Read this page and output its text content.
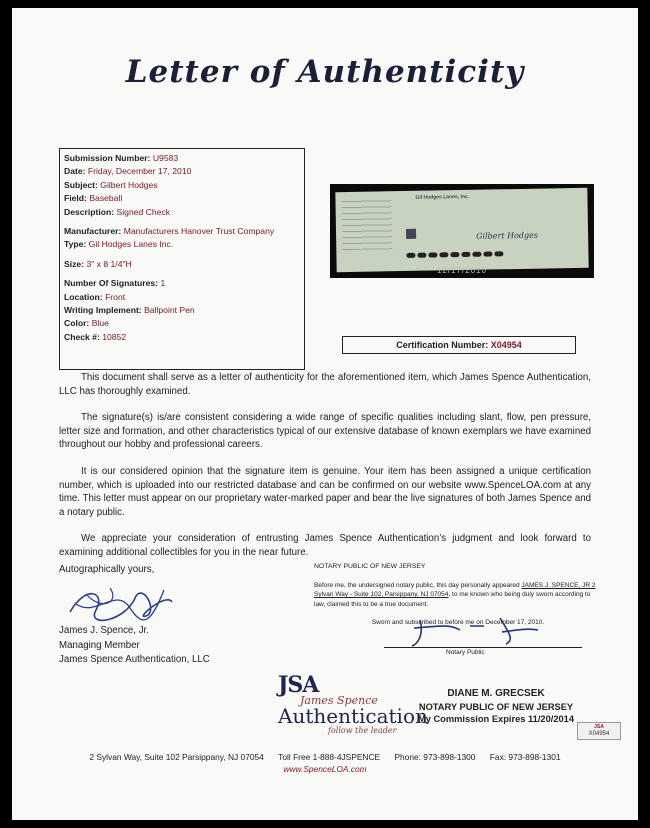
Letter of Authenticity
Submission Number: U9583
Date: Friday, December 17, 2010
Subject: Gilbert Hodges
Field: Baseball
Description: Signed Check
Manufacturer: Manufacturers Hanover Trust Company
Type: Gil Hodges Lanes Inc.
Size: 3" x 8 1/4"H
Number Of Signatures: 1
Location: Front
Writing Implement: Ballpoint Pen
Color: Blue
Check #: 10852
Gil Hodges Lanes, Inc.
Gilbert Hodges
12/17/2010
Certification Number: X04954

This document shall serve as a letter of authenticity for the aforementioned item, which James Spence Authentication, LLC has thoroughly examined.

The signature(s) is/are consistent considering a wide range of specific qualities including slant, flow, pen pressure, letter size and formation, and other characteristics typical of our extensive database of known exemplars we have examined throughout our hobby and professional careers.

It is our considered opinion that the signature item is genuine. Your item has been assigned a unique certification number, which is uploaded into our restricted database and can be confirmed on our website www.SpenceLOA.com at any time. This letter must appear on our proprietary water-marked paper and bear the live signatures of both James Spence and a notary public.

We appreciate your consideration of entrusting James Spence Authentication’s judgment and look forward to examining additional collectibles for you in the near future.

Autographically yours,
James J. Spence, Jr.
Managing Member
James Spence Authentication, LLC
NOTARY PUBLIC OF NEW JERSEY
Before me, the undersigned notary public, this day personally appeared JAMES J. SPENCE, JR 2 Sylvan Way - Suite 102, Parsippany, NJ 07054, to me known who being duly sworn according to law, claimed this to be a true document.
Sworn and subscribed to before me on December 17, 2010.
Notary Public
JSA
James Spence
Authentication
follow the leader
DIANE M. GRECSEK
NOTARY PUBLIC OF NEW JERSEY
My Commission Expires 11/20/2014
JSA
X04954
2 Sylvan Way, Suite 102 Parsippany, NJ 07054 Toll Free 1-888-4JSPENCE Phone: 973-898-1300 Fax: 973-898-1301
www.SpenceLOA.com
